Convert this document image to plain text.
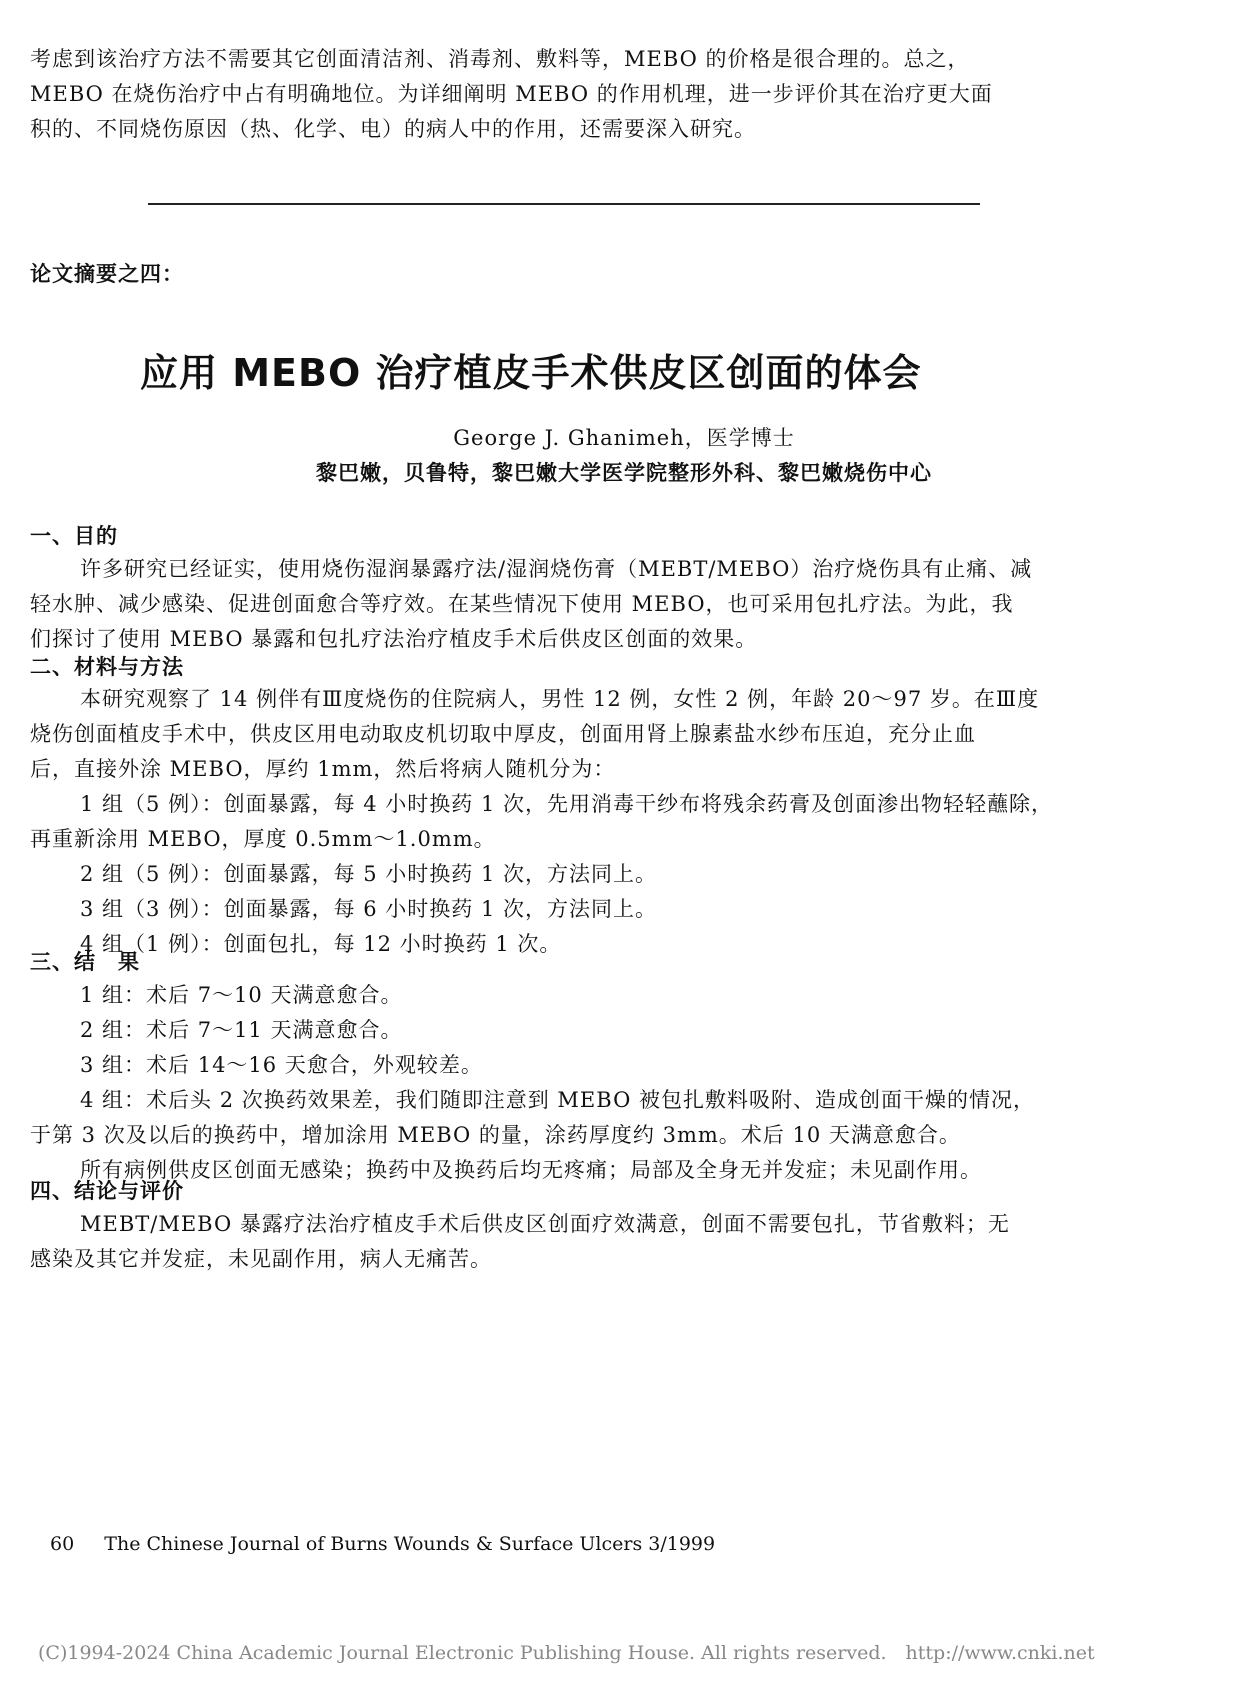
考虑到该治疗方法不需要其它创面清洁剂、消毒剂、敷料等，MEBO 的价格是很合理的。总之，
MEBO 在烧伤治疗中占有明确地位。为详细阐明 MEBO 的作用机理，进一步评价其在治疗更大面
积的、不同烧伤原因（热、化学、电）的病人中的作用，还需要深入研究。
论文摘要之四：
应用 MEBO 治疗植皮手术供皮区创面的体会
George J. Ghanimeh，医学博士
黎巴嫩，贝鲁特，黎巴嫩大学医学院整形外科、黎巴嫩烧伤中心
一、目的
许多研究已经证实，使用烧伤湿润暴露疗法/湿润烧伤膏（MEBT/MEBO）治疗烧伤具有止痛、减
轻水肿、减少感染、促进创面愈合等疗效。在某些情况下使用 MEBO，也可采用包扎疗法。为此，我
们探讨了使用 MEBO 暴露和包扎疗法治疗植皮手术后供皮区创面的效果。
二、材料与方法
本研究观察了 14 例伴有Ⅲ度烧伤的住院病人，男性 12 例，女性 2 例，年龄 20～97 岁。在Ⅲ度
烧伤创面植皮手术中，供皮区用电动取皮机切取中厚皮，创面用肾上腺素盐水纱布压迫，充分止血
后，直接外涂 MEBO，厚约 1mm，然后将病人随机分为：
1 组（5 例）：创面暴露，每 4 小时换药 1 次，先用消毒干纱布将残余药膏及创面渗出物轻轻蘸除，
再重新涂用 MEBO，厚度 0.5mm～1.0mm。
2 组（5 例）：创面暴露，每 5 小时换药 1 次，方法同上。
3 组（3 例）：创面暴露，每 6 小时换药 1 次，方法同上。
4 组（1 例）：创面包扎，每 12 小时换药 1 次。
三、结　果
1 组：术后 7～10 天满意愈合。
2 组：术后 7～11 天满意愈合。
3 组：术后 14～16 天愈合，外观较差。
4 组：术后头 2 次换药效果差，我们随即注意到 MEBO 被包扎敷料吸附、造成创面干燥的情况，
于第 3 次及以后的换药中，增加涂用 MEBO 的量，涂药厚度约 3mm。术后 10 天满意愈合。
所有病例供皮区创面无感染；换药中及换药后均无疼痛；局部及全身无并发症；未见副作用。
四、结论与评价
MEBT/MEBO 暴露疗法治疗植皮手术后供皮区创面疗效满意，创面不需要包扎，节省敷料；无
感染及其它并发症，未见副作用，病人无痛苦。
60 The Chinese Journal of Burns Wounds & Surface Ulcers 3/1999
(C)1994-2024 China Academic Journal Electronic Publishing House. All rights reserved.　http://www.cnki.net
